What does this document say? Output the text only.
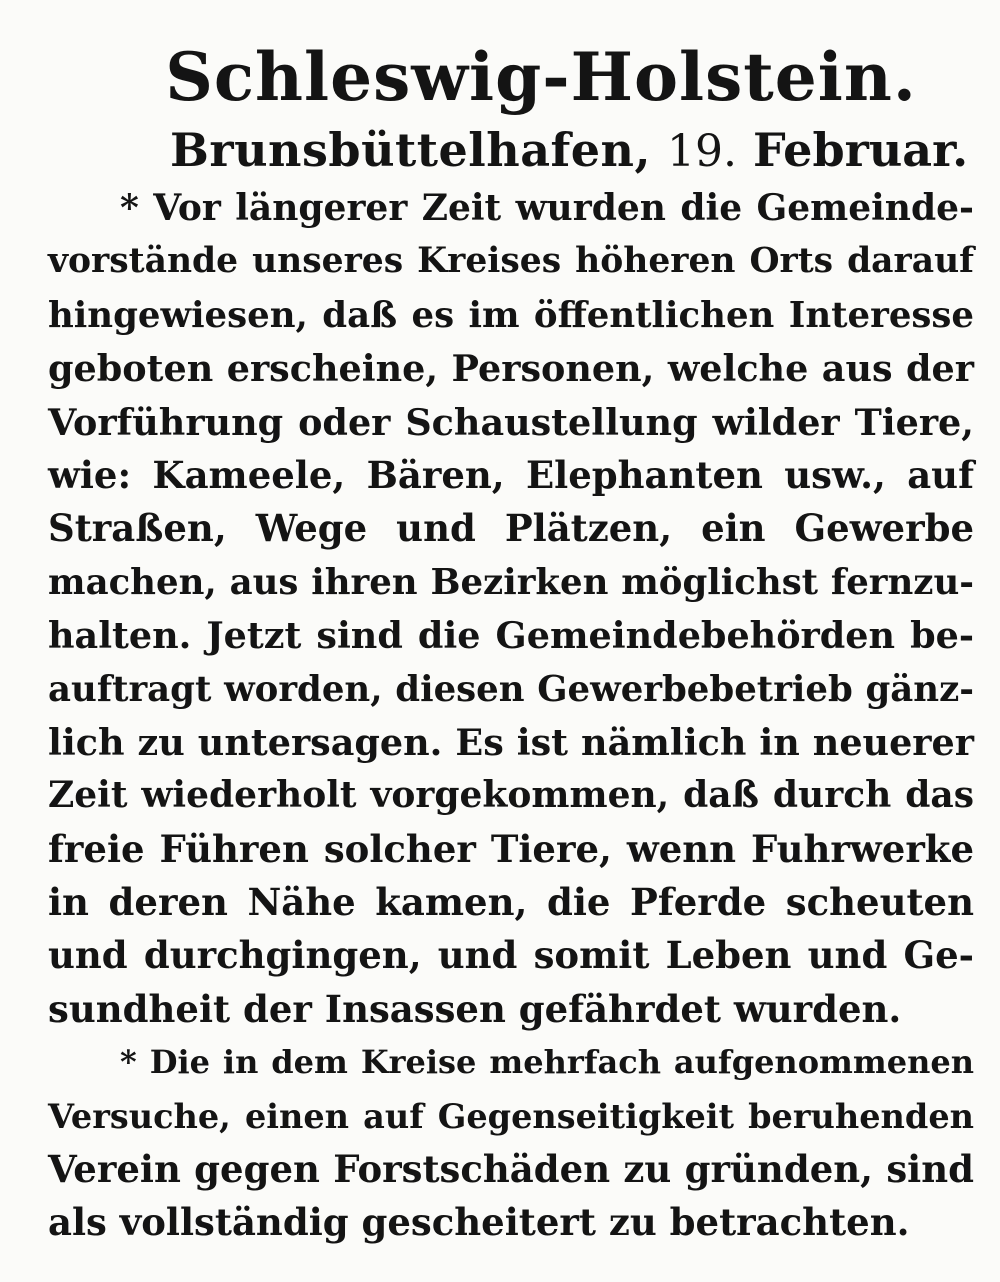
Schleswig-Holstein.
Brunsbüttelhafen, 19. Februar.
* Vor längerer Zeit wurden die Gemeinde-
vorstände unseres Kreises höheren Orts darauf
hingewiesen, daß es im öffentlichen Interesse
geboten erscheine, Personen, welche aus der
Vorführung oder Schaustellung wilder Tiere,
wie: Kameele, Bären, Elephanten usw., auf
Straßen, Wege und Plätzen, ein Gewerbe
machen, aus ihren Bezirken möglichst fernzu-
halten. Jetzt sind die Gemeindebehörden be-
auftragt worden, diesen Gewerbebetrieb gänz-
lich zu untersagen. Es ist nämlich in neuerer
Zeit wiederholt vorgekommen, daß durch das
freie Führen solcher Tiere, wenn Fuhrwerke
in deren Nähe kamen, die Pferde scheuten
und durchgingen, und somit Leben und Ge-
sundheit der Insassen gefährdet wurden.
* Die in dem Kreise mehrfach aufgenommenen
Versuche, einen auf Gegenseitigkeit beruhenden
Verein gegen Forstschäden zu gründen, sind
als vollständig gescheitert zu betrachten.
